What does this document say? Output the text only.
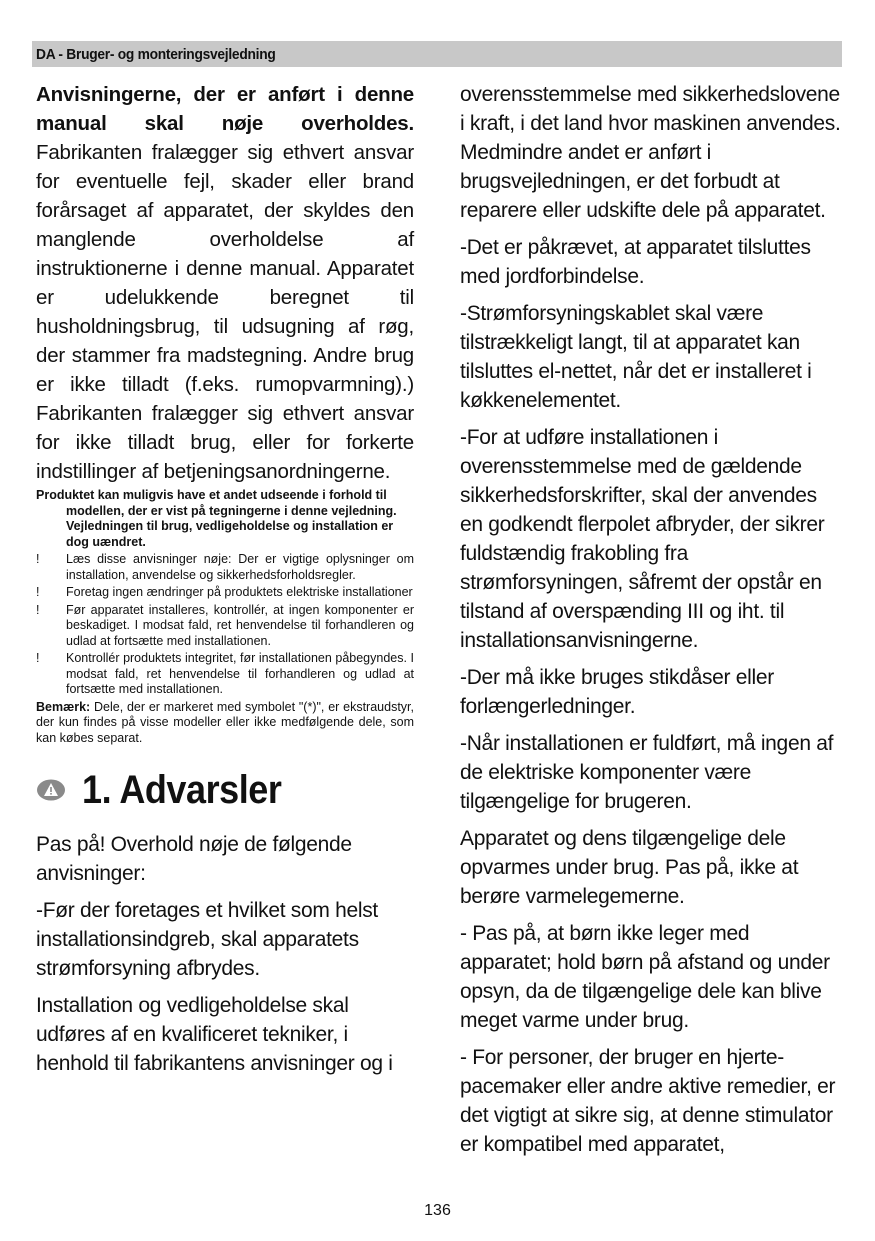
DA - Bruger- og monteringsvejledning

Anvisningerne, der er anført i denne manual skal nøje overholdes. Fabrikanten fralægger sig ethvert ansvar for eventuelle fejl, skader eller brand forårsaget af apparatet, der skyldes den manglende overholdelse af instruktionerne i denne manual. Apparatet er udelukkende beregnet til husholdningsbrug, til udsugning af røg, der stammer fra madstegning. Andre brug er ikke tilladt (f.eks. rumopvarmning).) Fabrikanten fralægger sig ethvert ansvar for ikke tilladt brug, eller for forkerte indstillinger af betjeningsanordningerne.

Produktet kan muligvis have et andet udseende i forhold til modellen, der er vist på tegningerne i denne vejledning. Vejledningen til brug, vedligeholdelse og installation er dog uændret.

! Læs disse anvisninger nøje: Der er vigtige oplysninger om installation, anvendelse og sikkerhedsforholdsregler.
! Foretag ingen ændringer på produktets elektriske installationer
! Før apparatet installeres, kontrollér, at ingen komponenter er beskadiget. I modsat fald, ret henvendelse til forhandleren og udlad at fortsætte med installationen.
! Kontrollér produktets integritet, før installationen påbegyndes. I modsat fald, ret henvendelse til forhandleren og udlad at fortsætte med installationen.

Bemærk: Dele, der er markeret med symbolet "(*)", er ekstraudstyr, der kun findes på visse modeller eller ikke medfølgende dele, som kan købes separat.

1. Advarsler

Pas på! Overhold nøje de følgende anvisninger:

-Før der foretages et hvilket som helst installationsindgreb, skal apparatets strømforsyning afbrydes.

Installation og vedligeholdelse skal udføres af en kvalificeret tekniker, i henhold til fabrikantens anvisninger og i

overensstemmelse med sikkerhedslovene i kraft, i det land hvor maskinen anvendes. Medmindre andet er anført i brugsvejledningen, er det forbudt at reparere eller udskifte dele på apparatet.

-Det er påkrævet, at apparatet tilsluttes med jordforbindelse.

-Strømforsyningskablet skal være tilstrækkeligt langt, til at apparatet kan tilsluttes el-nettet, når det er installeret i køkkenelementet.

-For at udføre installationen i overensstemmelse med de gældende sikkerhedsforskrifter, skal der anvendes en godkendt flerpolet afbryder, der sikrer fuldstændig frakobling fra strømforsyningen, såfremt der opstår en tilstand af overspænding III og iht. til installationsanvisningerne.

-Der må ikke bruges stikdåser eller forlængerledninger.

-Når installationen er fuldført, må ingen af de elektriske komponenter være tilgængelige for brugeren.

Apparatet og dens tilgængelige dele opvarmes under brug. Pas på, ikke at berøre varmelegemerne.

- Pas på, at børn ikke leger med apparatet; hold børn på afstand og under opsyn, da de tilgængelige dele kan blive meget varme under brug.

- For personer, der bruger en hjerte-pacemaker eller andre aktive remedier, er det vigtigt at sikre sig, at denne stimulator er kompatibel med apparatet,

136
